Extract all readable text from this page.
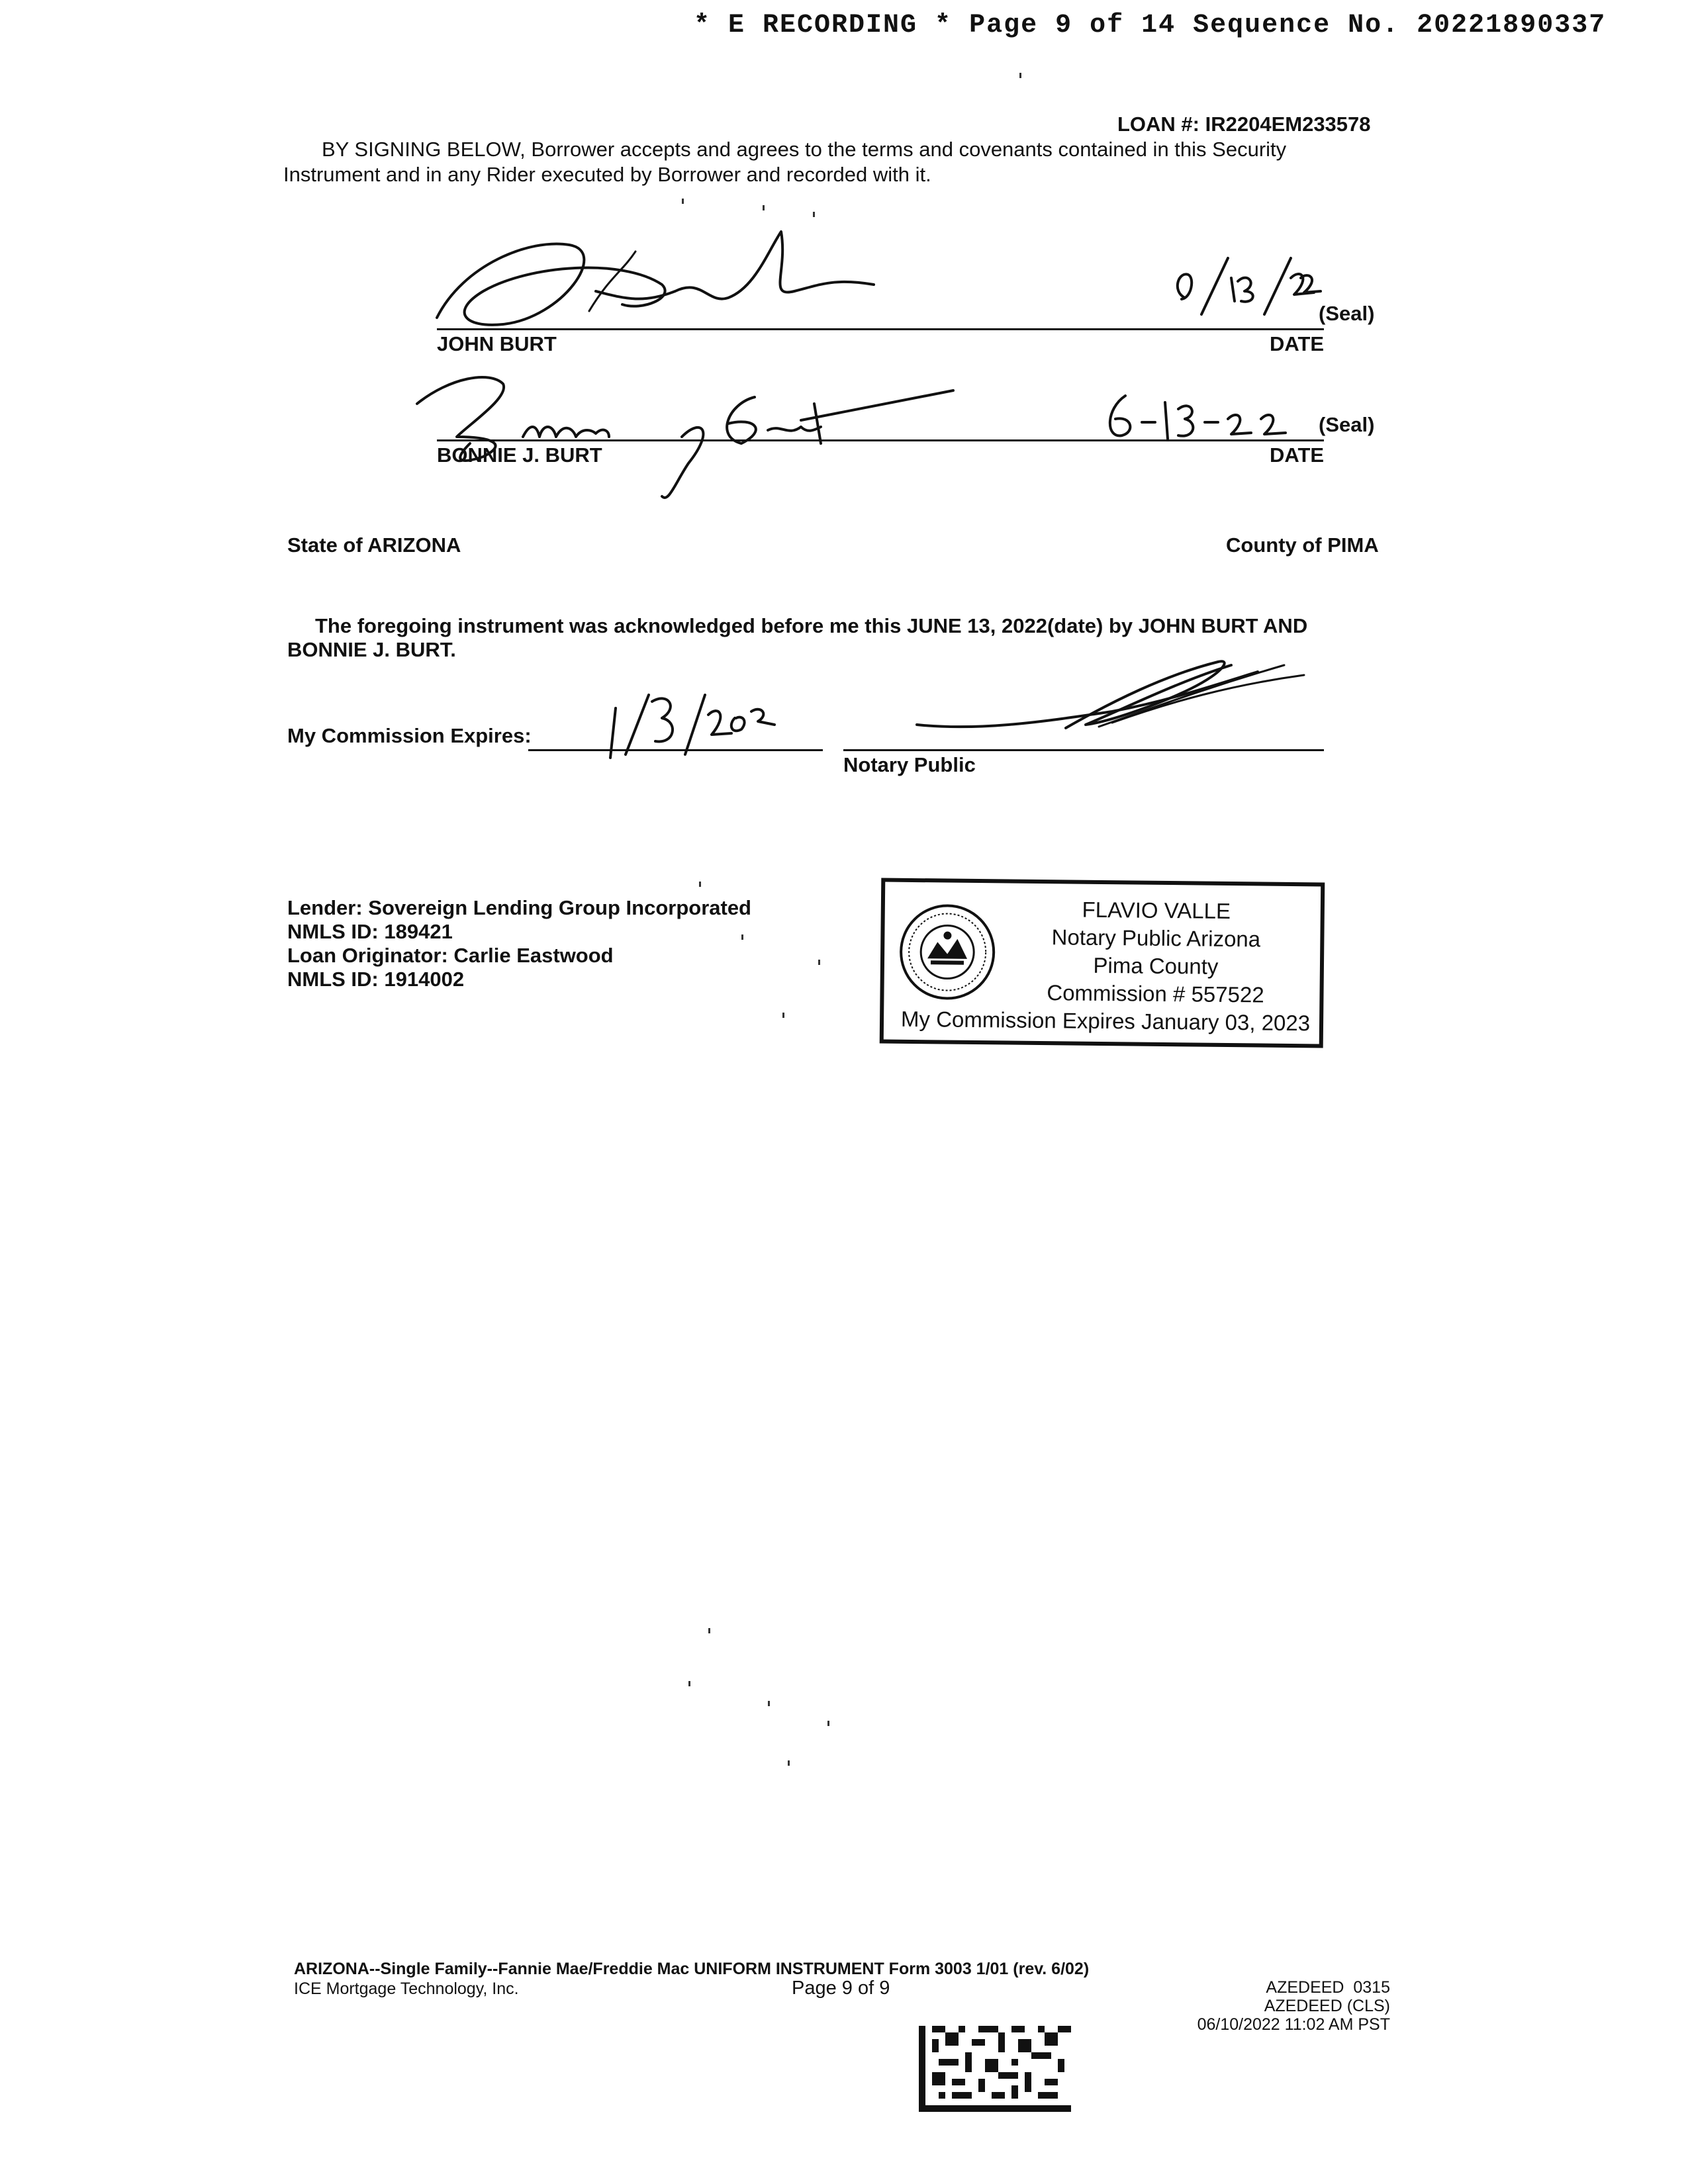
* E RECORDING * Page 9 of 14 Sequence No. 20221890337
LOAN #: IR2204EM233578
BY SIGNING BELOW, Borrower accepts and agrees to the terms and covenants contained in this Security
Instrument and in any Rider executed by Borrower and recorded with it.
(Seal)
JOHN BURT	DATE
(Seal)
BONNIE J. BURT	DATE
State of ARIZONA	County of PIMA
The foregoing instrument was acknowledged before me this JUNE 13, 2022(date) by JOHN BURT AND
BONNIE J. BURT.
My Commission Expires:
Notary Public
Lender: Sovereign Lending Group Incorporated
NMLS ID: 189421
Loan Originator: Carlie Eastwood
NMLS ID: 1914002
FLAVIO VALLE
Notary Public Arizona
Pima County
Commission # 557522
My Commission Expires January 03, 2023
ARIZONA--Single Family--Fannie Mae/Freddie Mac UNIFORM INSTRUMENT Form 3003 1/01 (rev. 6/02)
ICE Mortgage Technology, Inc.	Page 9 of 9	AZEDEED  0315
AZEDEED (CLS)
06/10/2022 11:02 AM PST
